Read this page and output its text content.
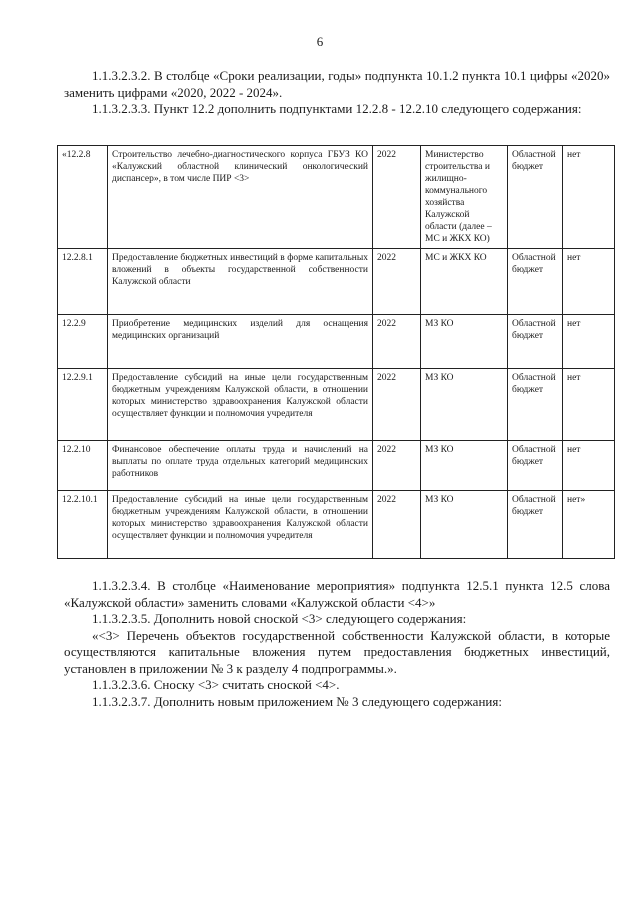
6

1.1.3.2.3.2. В столбце «Сроки реализации, годы» подпункта 10.1.2 пункта 10.1 цифры «2020» заменить цифрами «2020, 2022 - 2024».

1.1.3.2.3.3. Пункт 12.2 дополнить подпунктами 12.2.8 - 12.2.10 следующего содержания:

«12.2.8	Строительство лечебно-диагностического корпуса ГБУЗ КО «Калужский областной клинический онкологический диспансер», в том числе ПИР <3>	2022	Министерство строительства и жилищно-коммунального хозяйства Калужской области (далее – МС и ЖКХ КО)	Областной бюджет	нет
12.2.8.1	Предоставление бюджетных инвестиций в форме капитальных вложений в объекты государственной собственности Калужской области	2022	МС и ЖКХ КО	Областной бюджет	нет
12.2.9	Приобретение медицинских изделий для оснащения медицинских организаций	2022	МЗ КО	Областной бюджет	нет
12.2.9.1	Предоставление субсидий на иные цели государственным бюджетным учреждениям Калужской области, в отношении которых министерство здравоохранения Калужской области осуществляет функции и полномочия учредителя	2022	МЗ КО	Областной бюджет	нет
12.2.10	Финансовое обеспечение оплаты труда и начислений на выплаты по оплате труда отдельных категорий медицинских работников	2022	МЗ КО	Областной бюджет	нет
12.2.10.1	Предоставление субсидий на иные цели государственным бюджетным учреждениям Калужской области, в отношении которых министерство здравоохранения Калужской области осуществляет функции и полномочия учредителя	2022	МЗ КО	Областной бюджет	нет»

1.1.3.2.3.4. В столбце «Наименование мероприятия» подпункта 12.5.1 пункта 12.5 слова «Калужской области» заменить словами «Калужской области <4>»

1.1.3.2.3.5. Дополнить новой сноской <3> следующего содержания:

«<3> Перечень объектов государственной собственности Калужской области, в которые осуществляются капитальные вложения путем предоставления бюджетных инвестиций, установлен в приложении № 3 к разделу 4 подпрограммы.».

1.1.3.2.3.6. Сноску <3> считать сноской <4>.

1.1.3.2.3.7. Дополнить новым приложением № 3 следующего содержания:
